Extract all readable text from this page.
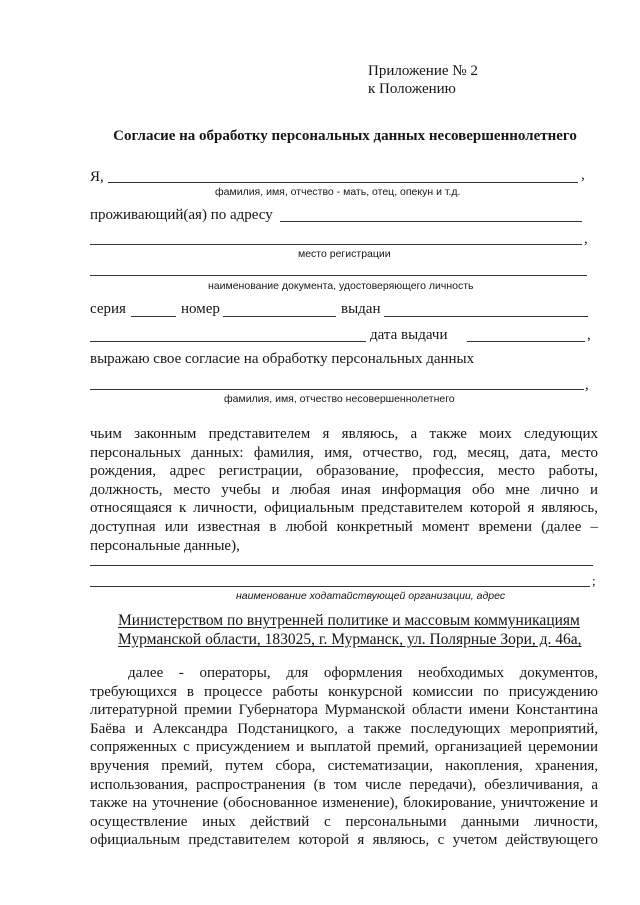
Приложение № 2
к Положению
Согласие на обработку персональных данных несовершеннолетнего
Я,	,
фамилия, имя, отчество - мать, отец, опекун и т.д.
проживающий(ая) по адресу
,
место регистрации
наименование документа, удостоверяющего личность
серия	номер	выдан
дата выдачи	,
выражаю свое согласие на обработку персональных данных
,
фамилия, имя, отчество несовершеннолетнего
чьим законным представителем я являюсь, а также моих следующих
персональных данных: фамилия, имя, отчество, год, месяц, дата, место
рождения, адрес регистрации, образование, профессия, место работы,
должность, место учебы и любая иная информация обо мне лично и
относящаяся к личности, официальным представителем которой я являюсь,
доступная или известная в любой конкретный момент времени (далее –
персональные данные),
;
наименование ходатайствующей организации, адрес
Министерством по внутренней политике и массовым коммуникациям
Мурманской области, 183025, г. Мурманск, ул. Полярные Зори, д. 46а,
далее - операторы, для оформления необходимых документов,
требующихся в процессе работы конкурсной комиссии по присуждению
литературной премии Губернатора Мурманской области имени Константина
Баёва и Александра Подстаницкого, а также последующих мероприятий,
сопряженных с присуждением и выплатой премий, организацией церемонии
вручения премий, путем сбора, систематизации, накопления, хранения,
использования, распространения (в том числе передачи), обезличивания, а
также на уточнение (обоснованное изменение), блокирование, уничтожение и
осуществление иных действий с персональными данными личности,
официальным представителем которой я являюсь, с учетом действующего
